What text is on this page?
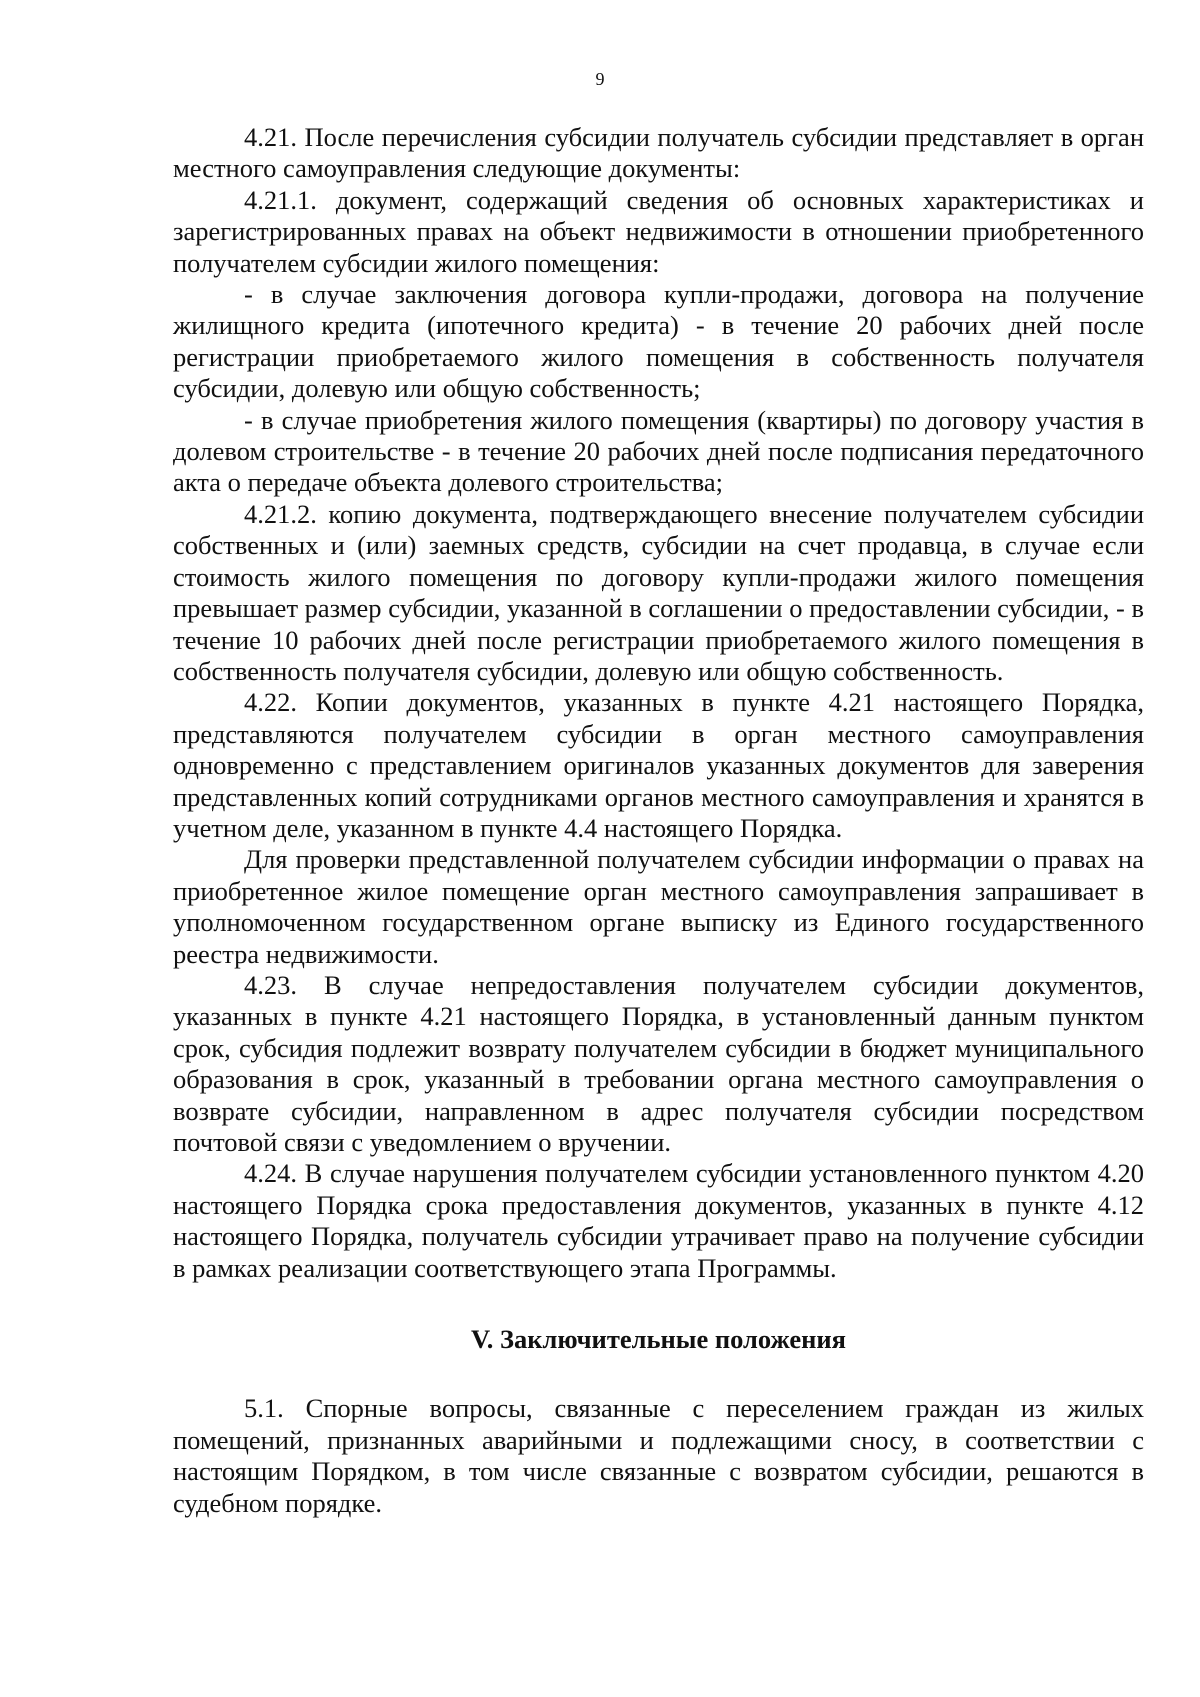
9

4.21. После перечисления субсидии получатель субсидии представляет в орган местного самоуправления следующие документы:

4.21.1. документ, содержащий сведения об основных характеристиках и зарегистрированных правах на объект недвижимости в отношении приобретенного получателем субсидии жилого помещения:

- в случае заключения договора купли-продажи, договора на получение жилищного кредита (ипотечного кредита) - в течение 20 рабочих дней после регистрации приобретаемого жилого помещения в собственность получателя субсидии, долевую или общую собственность;

- в случае приобретения жилого помещения (квартиры) по договору участия в долевом строительстве - в течение 20 рабочих дней после подписания передаточного акта о передаче объекта долевого строительства;

4.21.2. копию документа, подтверждающего внесение получателем субсидии собственных и (или) заемных средств, субсидии на счет продавца, в случае если стоимость жилого помещения по договору купли-продажи жилого помещения превышает размер субсидии, указанной в соглашении о предоставлении субсидии, - в течение 10 рабочих дней после регистрации приобретаемого жилого помещения в собственность получателя субсидии, долевую или общую собственность.

4.22. Копии документов, указанных в пункте 4.21 настоящего Порядка, представляются получателем субсидии в орган местного самоуправления одновременно с представлением оригиналов указанных документов для заверения представленных копий сотрудниками органов местного самоуправления и хранятся в учетном деле, указанном в пункте 4.4 настоящего Порядка.

Для проверки представленной получателем субсидии информации о правах на приобретенное жилое помещение орган местного самоуправления запрашивает в уполномоченном государственном органе выписку из Единого государственного реестра недвижимости.

4.23. В случае непредоставления получателем субсидии документов, указанных в пункте 4.21 настоящего Порядка, в установленный данным пунктом срок, субсидия подлежит возврату получателем субсидии в бюджет муниципального образования в срок, указанный в требовании органа местного самоуправления о возврате субсидии, направленном в адрес получателя субсидии посредством почтовой связи с уведомлением о вручении.

4.24. В случае нарушения получателем субсидии установленного пунктом 4.20 настоящего Порядка срока предоставления документов, указанных в пункте 4.12 настоящего Порядка, получатель субсидии утрачивает право на получение субсидии в рамках реализации соответствующего этапа Программы.

V. Заключительные положения

5.1. Спорные вопросы, связанные с переселением граждан из жилых помещений, признанных аварийными и подлежащими сносу, в соответствии с настоящим Порядком, в том числе связанные с возвратом субсидии, решаются в судебном порядке.
